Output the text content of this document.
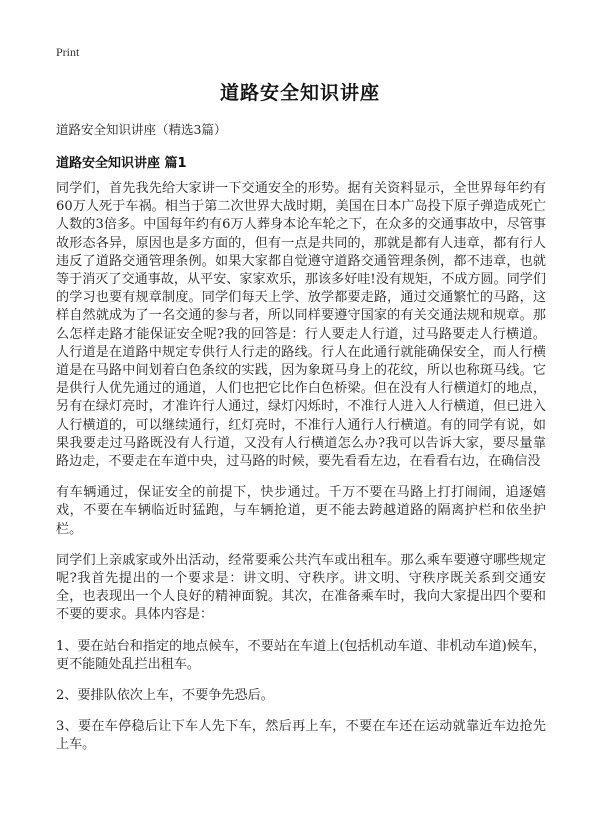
Print
道路安全知识讲座
道路安全知识讲座（精选3篇）
道路安全知识讲座 篇1

同学们，首先我先给大家讲一下交通安全的形势。据有关资料显示，全世界每年约有60万人死于车祸。相当于第二次世界大战时期，美国在日本广岛投下原子弹造成死亡人数的3倍多。中国每年约有6万人葬身本论车轮之下，在众多的交通事故中，尽管事故形态各异，原因也是多方面的，但有一点是共同的，那就是都有人违章，都有行人违反了道路交通管理条例。如果大家都自觉遵守道路交通管理条例，都不违章，也就等于消灭了交通事故，从平安、家家欢乐，那该多好哇!没有规矩，不成方圆。同学们的学习也要有规章制度。同学们每天上学、放学都要走路，通过交通繁忙的马路，这样自然就成为了一名交通的参与者，所以同样要遵守国家的有关交通法规和规章。那么怎样走路才能保证安全呢?我的回答是：行人要走人行道，过马路要走人行横道。人行道是在道路中规定专供行人行走的路线。行人在此通行就能确保安全，而人行横道是在马路中间划着白色条纹的实践，因为象斑马身上的花纹，所以也称斑马线。它是供行人优先通过的通道，人们也把它比作白色桥梁。但在没有人行横道灯的地点，另有在绿灯亮时，才准许行人通过，绿灯闪烁时，不准行人进入人行横道，但已进入人行横道的，可以继续通行，红灯亮时，不准行人通行人行横道。有的同学有说，如果我要走过马路既没有人行道，又没有人行横道怎么办?我可以告诉大家，要尽量靠路边走，不要走在车道中央，过马路的时候，要先看看左边，在看看右边，在确信没

有车辆通过，保证安全的前提下，快步通过。千万不要在马路上打打闹闹，追逐嬉戏，不要在车辆临近时猛跑，与车辆抢道，更不能去跨越道路的隔离护栏和依坐护栏。

同学们上亲戚家或外出活动，经常要乘公共汽车或出租车。那么乘车要遵守哪些规定呢?我首先提出的一个要求是：讲文明、守秩序。讲文明、守秩序既关系到交通安全，也表现出一个人良好的精神面貌。其次，在准备乘车时，我向大家提出四个要和不要的要求。具体内容是：

1、要在站台和指定的地点候车，不要站在车道上(包括机动车道、非机动车道)候车，更不能随处乱拦出租车。

2、要排队依次上车，不要争先恐后。

3、要在车停稳后让下车人先下车，然后再上车，不要在车还在运动就靠近车边抢先上车。
